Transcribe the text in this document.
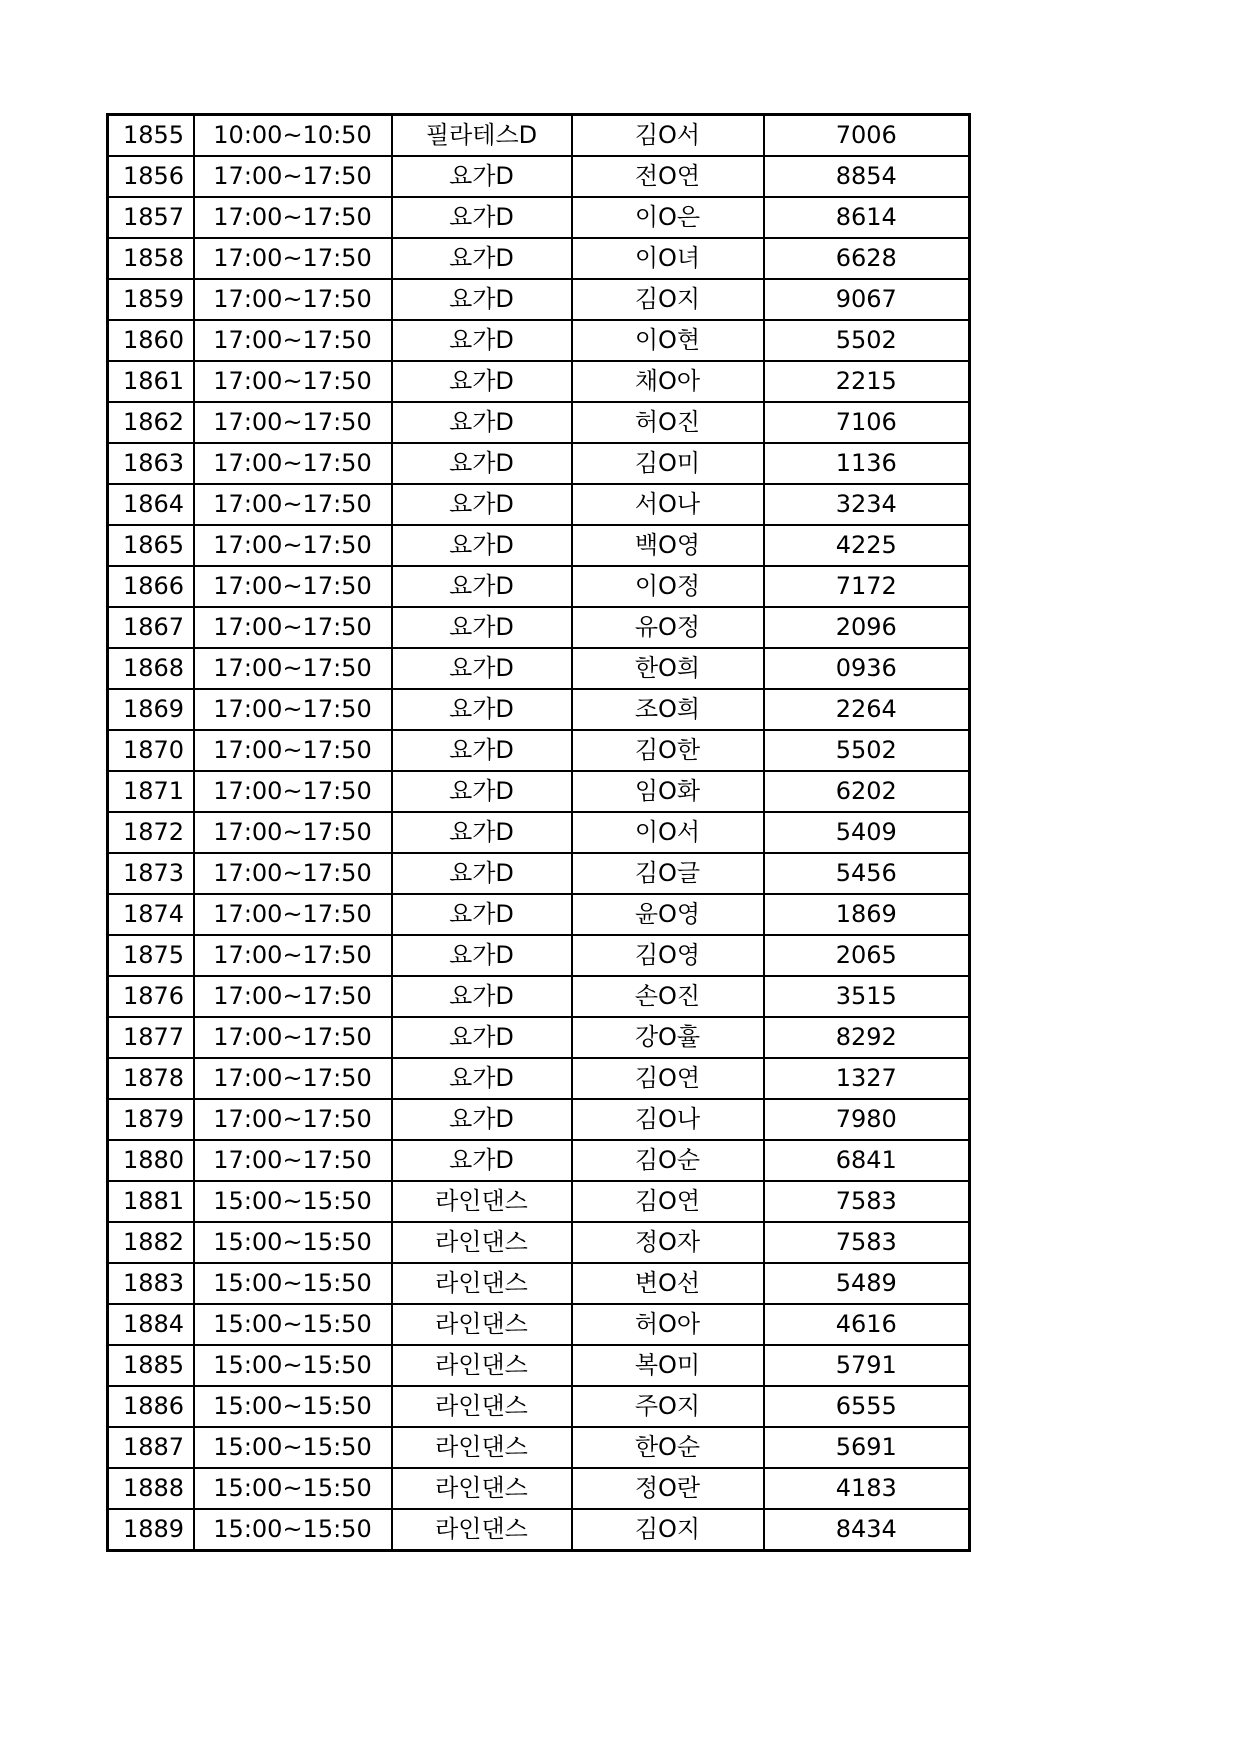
1855	10:00~10:50	필라테스D	김O서	7006
1856	17:00~17:50	요가D	전O연	8854
1857	17:00~17:50	요가D	이O은	8614
1858	17:00~17:50	요가D	이O녀	6628
1859	17:00~17:50	요가D	김O지	9067
1860	17:00~17:50	요가D	이O현	5502
1861	17:00~17:50	요가D	채O아	2215
1862	17:00~17:50	요가D	허O진	7106
1863	17:00~17:50	요가D	김O미	1136
1864	17:00~17:50	요가D	서O나	3234
1865	17:00~17:50	요가D	백O영	4225
1866	17:00~17:50	요가D	이O정	7172
1867	17:00~17:50	요가D	유O정	2096
1868	17:00~17:50	요가D	한O희	0936
1869	17:00~17:50	요가D	조O희	2264
1870	17:00~17:50	요가D	김O한	5502
1871	17:00~17:50	요가D	임O화	6202
1872	17:00~17:50	요가D	이O서	5409
1873	17:00~17:50	요가D	김O글	5456
1874	17:00~17:50	요가D	윤O영	1869
1875	17:00~17:50	요가D	김O영	2065
1876	17:00~17:50	요가D	손O진	3515
1877	17:00~17:50	요가D	강O휼	8292
1878	17:00~17:50	요가D	김O연	1327
1879	17:00~17:50	요가D	김O나	7980
1880	17:00~17:50	요가D	김O순	6841
1881	15:00~15:50	라인댄스	김O연	7583
1882	15:00~15:50	라인댄스	정O자	7583
1883	15:00~15:50	라인댄스	변O선	5489
1884	15:00~15:50	라인댄스	허O아	4616
1885	15:00~15:50	라인댄스	복O미	5791
1886	15:00~15:50	라인댄스	주O지	6555
1887	15:00~15:50	라인댄스	한O순	5691
1888	15:00~15:50	라인댄스	정O란	4183
1889	15:00~15:50	라인댄스	김O지	8434
